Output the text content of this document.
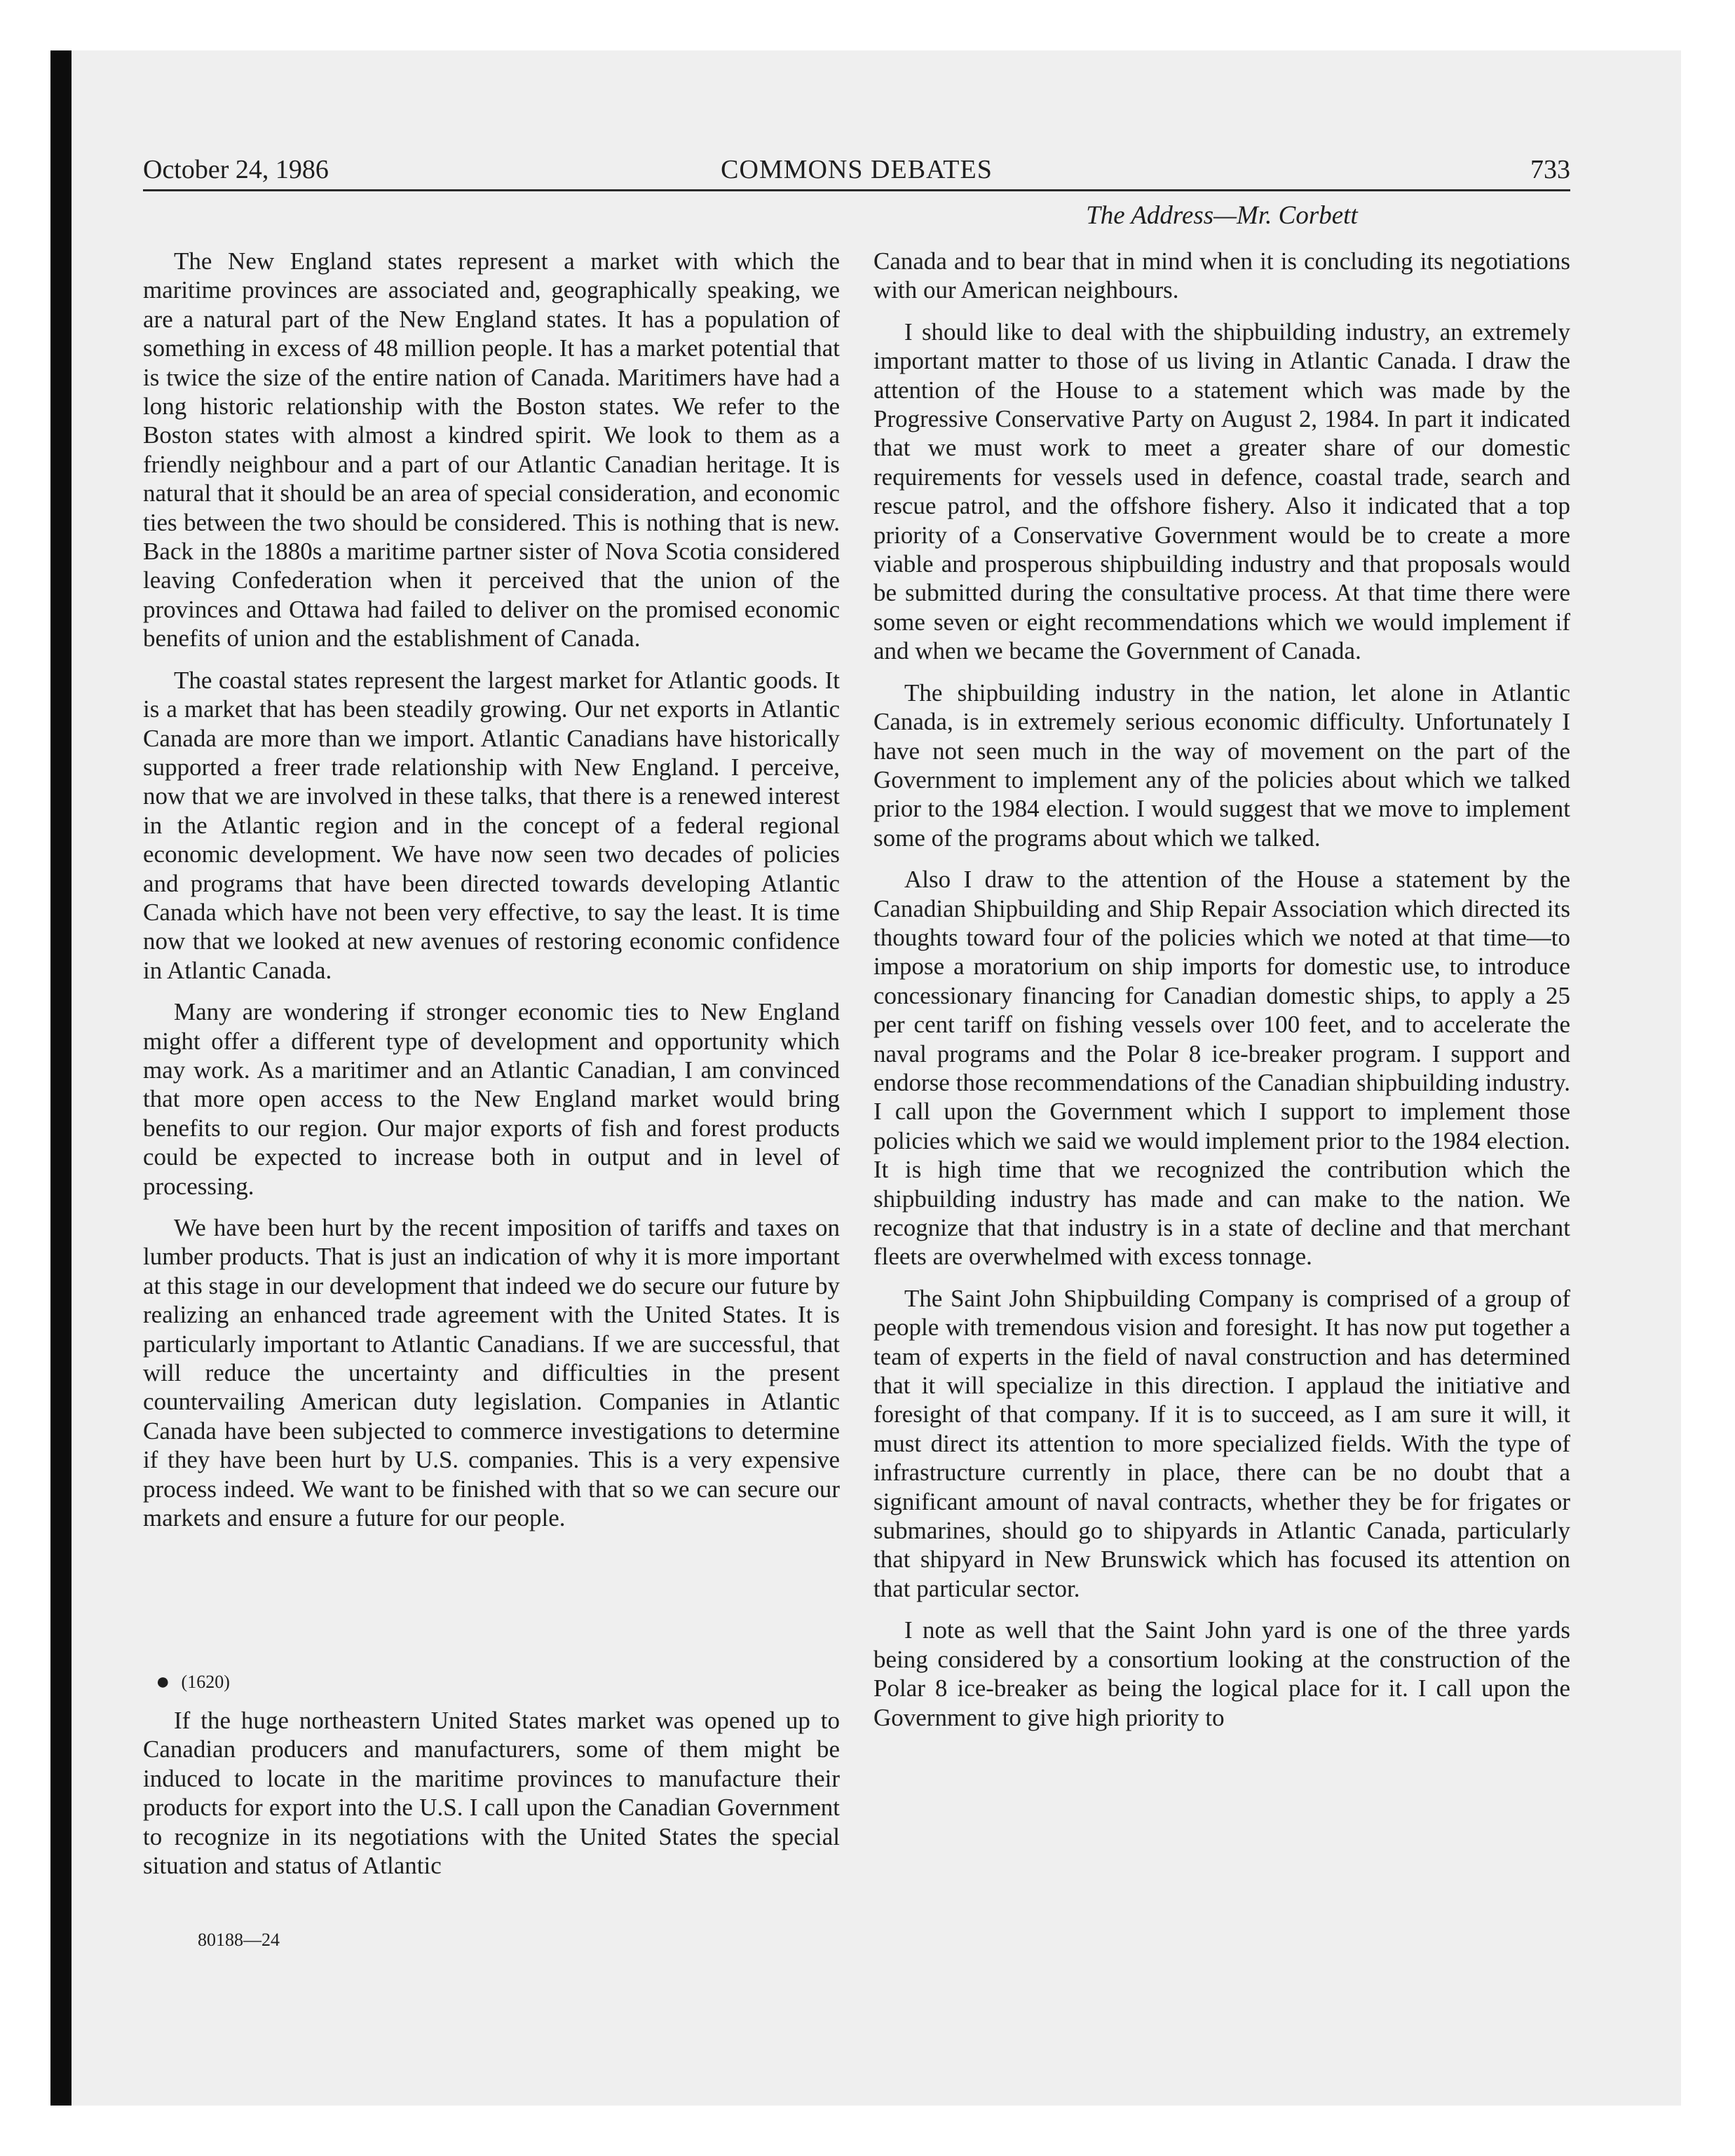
October 24, 1986	COMMONS DEBATES	733
The Address—Mr. Corbett

The New England states represent a market with which the maritime provinces are associated and, geographically speaking, we are a natural part of the New England states. It has a population of something in excess of 48 million people. It has a market potential that is twice the size of the entire nation of Canada. Maritimers have had a long historic relationship with the Boston states. We refer to the Boston states with almost a kindred spirit. We look to them as a friendly neighbour and a part of our Atlantic Canadian heritage. It is natural that it should be an area of special consideration, and economic ties between the two should be considered. This is nothing that is new. Back in the 1880s a maritime partner sister of Nova Scotia considered leaving Confederation when it perceived that the union of the provinces and Ottawa had failed to deliver on the promised economic benefits of union and the establishment of Canada.

The coastal states represent the largest market for Atlantic goods. It is a market that has been steadily growing. Our net exports in Atlantic Canada are more than we import. Atlantic Canadians have historically supported a freer trade relationship with New England. I perceive, now that we are involved in these talks, that there is a renewed interest in the Atlantic region and in the concept of a federal regional economic development. We have now seen two decades of policies and programs that have been directed towards developing Atlantic Canada which have not been very effective, to say the least. It is time now that we looked at new avenues of restoring economic confidence in Atlantic Canada.

Many are wondering if stronger economic ties to New England might offer a different type of development and opportunity which may work. As a maritimer and an Atlantic Canadian, I am convinced that more open access to the New England market would bring benefits to our region. Our major exports of fish and forest products could be expected to increase both in output and in level of processing.

We have been hurt by the recent imposition of tariffs and taxes on lumber products. That is just an indication of why it is more important at this stage in our development that indeed we do secure our future by realizing an enhanced trade agreement with the United States. It is particularly important to Atlantic Canadians. If we are successful, that will reduce the uncertainty and difficulties in the present countervailing American duty legislation. Companies in Atlantic Canada have been subjected to commerce investigations to determine if they have been hurt by U.S. companies. This is a very expensive process indeed. We want to be finished with that so we can secure our markets and ensure a future for our people.

● (1620)

If the huge northeastern United States market was opened up to Canadian producers and manufacturers, some of them might be induced to locate in the maritime provinces to manufacture their products for export into the U.S. I call upon the Canadian Government to recognize in its negotiations with the United States the special situation and status of Atlantic

Canada and to bear that in mind when it is concluding its negotiations with our American neighbours.

I should like to deal with the shipbuilding industry, an extremely important matter to those of us living in Atlantic Canada. I draw the attention of the House to a statement which was made by the Progressive Conservative Party on August 2, 1984. In part it indicated that we must work to meet a greater share of our domestic requirements for vessels used in defence, coastal trade, search and rescue patrol, and the offshore fishery. Also it indicated that a top priority of a Conservative Government would be to create a more viable and prosperous shipbuilding industry and that proposals would be submitted during the consultative process. At that time there were some seven or eight recommendations which we would implement if and when we became the Government of Canada.

The shipbuilding industry in the nation, let alone in Atlantic Canada, is in extremely serious economic difficulty. Unfortunately I have not seen much in the way of movement on the part of the Government to implement any of the policies about which we talked prior to the 1984 election. I would suggest that we move to implement some of the programs about which we talked.

Also I draw to the attention of the House a statement by the Canadian Shipbuilding and Ship Repair Association which directed its thoughts toward four of the policies which we noted at that time—to impose a moratorium on ship imports for domestic use, to introduce concessionary financing for Canadian domestic ships, to apply a 25 per cent tariff on fishing vessels over 100 feet, and to accelerate the naval programs and the Polar 8 ice-breaker program. I support and endorse those recommendations of the Canadian shipbuilding industry. I call upon the Government which I support to implement those policies which we said we would implement prior to the 1984 election. It is high time that we recognized the contribution which the shipbuilding industry has made and can make to the nation. We recognize that that industry is in a state of decline and that merchant fleets are overwhelmed with excess tonnage.

The Saint John Shipbuilding Company is comprised of a group of people with tremendous vision and foresight. It has now put together a team of experts in the field of naval construction and has determined that it will specialize in this direction. I applaud the initiative and foresight of that company. If it is to succeed, as I am sure it will, it must direct its attention to more specialized fields. With the type of infrastructure currently in place, there can be no doubt that a significant amount of naval contracts, whether they be for frigates or submarines, should go to shipyards in Atlantic Canada, particularly that shipyard in New Brunswick which has focused its attention on that particular sector.

I note as well that the Saint John yard is one of the three yards being considered by a consortium looking at the construction of the Polar 8 ice-breaker as being the logical place for it. I call upon the Government to give high priority to

80188—24
